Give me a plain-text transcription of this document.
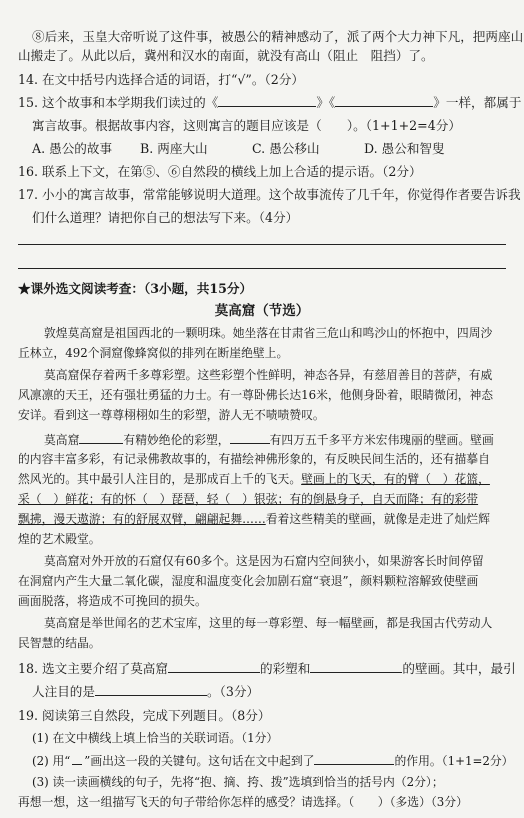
⑧后来，玉皇大帝听说了这件事，被愚公的精神感动了，派了两个大力神下凡，把两座山
山搬走了。从此以后，冀州和汉水的南面，就没有高山（阻止　阻挡）了。
14. 在文中括号内选择合适的词语，打“√”。（2分）
15. 这个故事和本学期我们读过的《	》《	》一样，都属于
寓言故事。根据故事内容，这则寓言的题目应该是（　　）。（1+1+2=4分）
A. 愚公的故事 B. 两座大山	C. 愚公移山	D. 愚公和智叟
16. 联系上下文，在第⑤、⑥自然段的横线上加上合适的提示语。（2分）
17. 小小的寓言故事，常常能够说明大道理。这个故事流传了几千年，你觉得作者要告诉我
们什么道理？请把你自己的想法写下来。（4分）
★课外选文阅读考查：（3小题，共15分）
莫高窟（节选）
敦煌莫高窟是祖国西北的一颗明珠。她坐落在甘肃省三危山和鸣沙山的怀抱中，四周沙
丘林立，492个洞窟像蜂窝似的排列在断崖绝壁上。
莫高窟保存着两千多尊彩塑。这些彩塑个性鲜明，神态各异，有慈眉善目的菩萨，有威
风凛凛的天王，还有强壮勇猛的力士。有一尊卧佛长达16米，他侧身卧着，眼睛微闭，神态
安详。看到这一尊尊栩栩如生的彩塑，游人无不啧啧赞叹。
莫高窟	有精妙绝伦的彩塑，	有四万五千多平方米宏伟瑰丽的壁画。壁画
的内容丰富多彩，有记录佛教故事的，有描绘神佛形象的，有反映民间生活的，还有描摹自
然风光的。其中最引人注目的，是那成百上千的飞天。壁画上的飞天，有的臂（　）花篮，
采（　）鲜花；有的怀（　）琵琶，轻（　）银弦；有的倒悬身子，自天而降；有的彩带
飘拂，漫天遨游；有的舒展双臂，翩翩起舞……看着这些精美的壁画，就像是走进了灿烂辉
煌的艺术殿堂。
莫高窟对外开放的石窟仅有60多个。这是因为石窟内空间狭小，如果游客长时间停留
在洞窟内产生大量二氧化碳，湿度和温度变化会加剧石窟“衰退”，颜料颗粒溶解致使壁画
画面脱落，将造成不可挽回的损失。
莫高窟是举世闻名的艺术宝库，这里的每一尊彩塑、每一幅壁画，都是我国古代劳动人
民智慧的结晶。
18. 选文主要介绍了莫高窟	的彩塑和	的壁画。其中，最引
人注目的是	。（3分）
19. 阅读第三自然段，完成下列题目。（8分）
(1) 在文中横线上填上恰当的关联词语。（1分）
(2) 用“ ”画出这一段的关键句。这句话在文中起到了	的作用。（1+1=2分）
(3) 读一读画横线的句子，先将“抱、摘、挎、拨”选填到恰当的括号内（2分）；
再想一想，这一组描写飞天的句子带给你怎样的感受？请选择。（　　）（多选）（3分）
